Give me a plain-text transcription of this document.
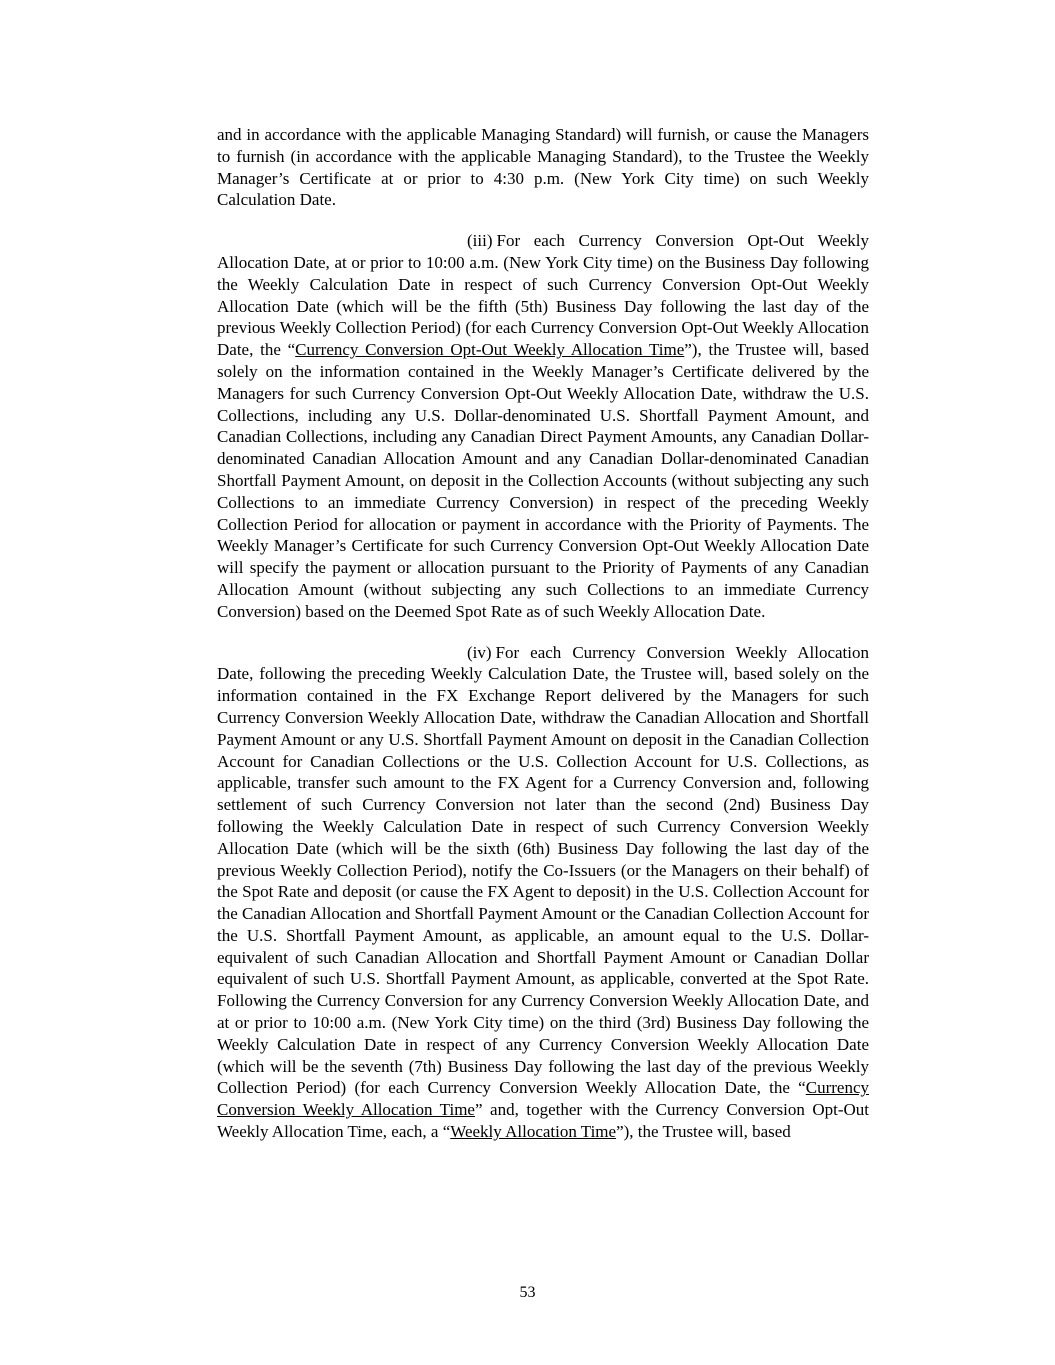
and in accordance with the applicable Managing Standard) will furnish, or cause the Managers to furnish (in accordance with the applicable Managing Standard), to the Trustee the Weekly Manager’s Certificate at or prior to 4:30 p.m. (New York City time) on such Weekly Calculation Date.

(iii) For each Currency Conversion Opt-Out Weekly Allocation Date, at or prior to 10:00 a.m. (New York City time) on the Business Day following the Weekly Calculation Date in respect of such Currency Conversion Opt-Out Weekly Allocation Date (which will be the fifth (5th) Business Day following the last day of the previous Weekly Collection Period) (for each Currency Conversion Opt-Out Weekly Allocation Date, the “Currency Conversion Opt-Out Weekly Allocation Time”), the Trustee will, based solely on the information contained in the Weekly Manager’s Certificate delivered by the Managers for such Currency Conversion Opt-Out Weekly Allocation Date, withdraw the U.S. Collections, including any U.S. Dollar-denominated U.S. Shortfall Payment Amount, and Canadian Collections, including any Canadian Direct Payment Amounts, any Canadian Dollar-denominated Canadian Allocation Amount and any Canadian Dollar-denominated Canadian Shortfall Payment Amount, on deposit in the Collection Accounts (without subjecting any such Collections to an immediate Currency Conversion) in respect of the preceding Weekly Collection Period for allocation or payment in accordance with the Priority of Payments. The Weekly Manager’s Certificate for such Currency Conversion Opt-Out Weekly Allocation Date will specify the payment or allocation pursuant to the Priority of Payments of any Canadian Allocation Amount (without subjecting any such Collections to an immediate Currency Conversion) based on the Deemed Spot Rate as of such Weekly Allocation Date.

(iv) For each Currency Conversion Weekly Allocation Date, following the preceding Weekly Calculation Date, the Trustee will, based solely on the information contained in the FX Exchange Report delivered by the Managers for such Currency Conversion Weekly Allocation Date, withdraw the Canadian Allocation and Shortfall Payment Amount or any U.S. Shortfall Payment Amount on deposit in the Canadian Collection Account for Canadian Collections or the U.S. Collection Account for U.S. Collections, as applicable, transfer such amount to the FX Agent for a Currency Conversion and, following settlement of such Currency Conversion not later than the second (2nd) Business Day following the Weekly Calculation Date in respect of such Currency Conversion Weekly Allocation Date (which will be the sixth (6th) Business Day following the last day of the previous Weekly Collection Period), notify the Co-Issuers (or the Managers on their behalf) of the Spot Rate and deposit (or cause the FX Agent to deposit) in the U.S. Collection Account for the Canadian Allocation and Shortfall Payment Amount or the Canadian Collection Account for the U.S. Shortfall Payment Amount, as applicable, an amount equal to the U.S. Dollar-equivalent of such Canadian Allocation and Shortfall Payment Amount or Canadian Dollar equivalent of such U.S. Shortfall Payment Amount, as applicable, converted at the Spot Rate. Following the Currency Conversion for any Currency Conversion Weekly Allocation Date, and at or prior to 10:00 a.m. (New York City time) on the third (3rd) Business Day following the Weekly Calculation Date in respect of any Currency Conversion Weekly Allocation Date (which will be the seventh (7th) Business Day following the last day of the previous Weekly Collection Period) (for each Currency Conversion Weekly Allocation Date, the “Currency Conversion Weekly Allocation Time” and, together with the Currency Conversion Opt-Out Weekly Allocation Time, each, a “Weekly Allocation Time”), the Trustee will, based

53
